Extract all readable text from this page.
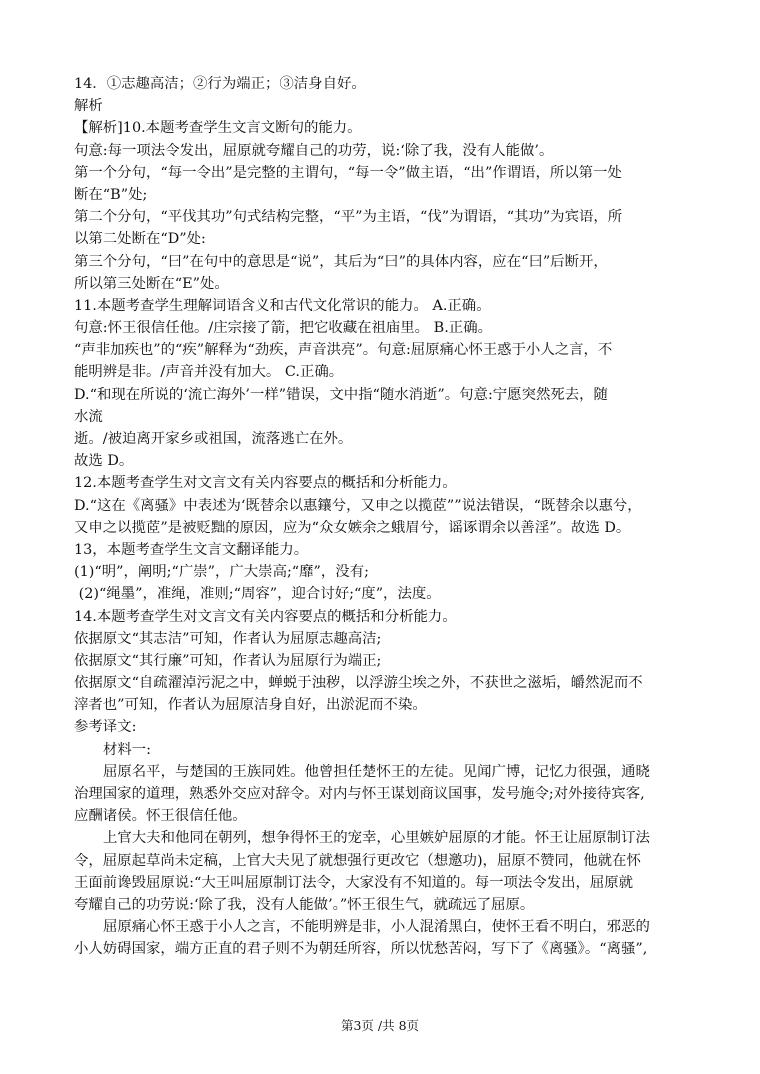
14．①志趣高洁；②行为端正；③洁身自好。
解析
【解析]10.本题考查学生文言文断句的能力。
句意:每一项法令发出，屈原就夸耀自己的功劳，说:‘除了我，没有人能做’。
第一个分句，“每一令出”是完整的主谓句，“每一令”做主语，“出”作谓语，所以第一处
断在“B”处;
第二个分句，“平伐其功”句式结构完整，“平”为主语，“伐”为谓语，“其功”为宾语，所
以第二处断在“D”处:
第三个分句，“曰”在句中的意思是“说”，其后为“曰”的具体内容，应在“曰”后断开，
所以第三处断在“E”处。
11.本题考查学生理解词语含义和古代文化常识的能力。 A.正确。
句意:怀王很信任他。/庄宗接了箭，把它收藏在祖庙里。 B.正确。
“声非加疾也”的“疾”解释为“劲疾，声音洪亮”。句意:屈原痛心怀王惑于小人之言，不
能明辨是非。/声音并没有加大。 C.正确。
D.“和现在所说的‘流亡海外’一样”错误，文中指“随水消逝”。句意:宁愿突然死去，随
水流
逝。/被迫离开家乡或祖国，流落逃亡在外。
故选 D。
12.本题考查学生对文言文有关内容要点的概括和分析能力。
D.“这在《离骚》中表述为‘既替余以惠鑲兮，又申之以揽茝””说法错误，“既替余以惠兮，
又申之以揽茝”是被贬黜的原因，应为“众女嫉余之蛾眉兮，谣诼谓余以善淫”。故选 D。
13，本题考查学生文言文翻译能力。
(1)“明”，阐明;“广崇”，广大崇高;“靡”，没有;
(2)“绳墨”，准绳，准则;“周容”，迎合讨好;“度”，法度。
14.本题考查学生对文言文有关内容要点的概括和分析能力。
依据原文“其志洁”可知，作者认为屈原志趣高洁;
依据原文“其行廉”可知，作者认为屈原行为端正;
依据原文“自疏濯淖污泥之中，蝉蜕于浊秽，以浮游尘埃之外，不获世之滋垢，皭然泥而不
滓者也”可知，作者认为屈原洁身自好，出淤泥而不染。
参考译文:
材料一:
屈原名平，与楚国的王族同姓。他曾担任楚怀王的左徒。见闻广博，记忆力很强，通晓
治理国家的道理，熟悉外交应对辞令。对内与怀王谋划商议国事，发号施令;对外接待宾客,
应酬诸侯。怀王很信任他。
上官大夫和他同在朝列，想争得怀王的宠幸，心里嫉妒屈原的才能。怀王让屈原制订法
令，屈原起草尚未定稿，上官大夫见了就想强行更改它（想邀功)，屈原不赞同，他就在怀
王面前谗毁屈原说:“大王叫屈原制订法令，大家没有不知道的。每一项法令发出，屈原就
夸耀自己的功劳说:‘除了我，没有人能做’。”怀王很生气，就疏远了屈原。
屈原痛心怀王惑于小人之言，不能明辨是非，小人混淆黑白，使怀王看不明白，邪恶的
小人妨碍国家，端方正直的君子则不为朝廷所容，所以忧愁苦闷，写下了《离骚》。“离骚”,
第3页 /共 8页
